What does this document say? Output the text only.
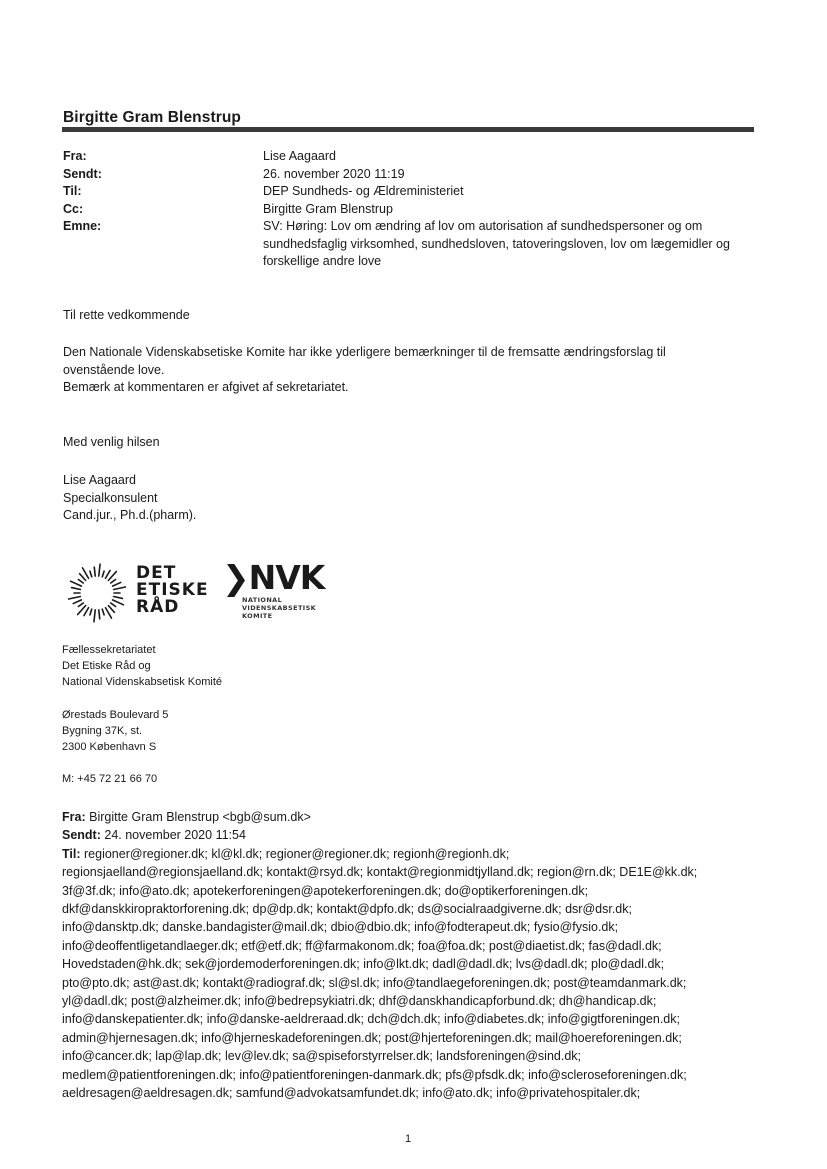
Birgitte Gram Blenstrup
Fra:	Lise Aagaard
Sendt:	26. november 2020 11:19
Til:	DEP Sundheds- og Ældreministeriet
Cc:	Birgitte Gram Blenstrup
Emne:	SV: Høring: Lov om ændring af lov om autorisation af sundhedspersoner og om sundhedsfaglig virksomhed, sundhedsloven, tatoveringsloven, lov om lægemidler og forskellige andre love
Til rette vedkommende
Den Nationale Videnskabsetiske Komite har ikke yderligere bemærkninger til de fremsatte ændringsforslag til ovenstående love.
Bemærk at kommentaren er afgivet af sekretariatet.
Med venlig hilsen
Lise Aagaard
Specialkonsulent
Cand.jur., Ph.d.(pharm).
DET
ETISKE
RÅD
❯NVK
NATIONAL
VIDENSKABSETISK
KOMITE
Fællessekretariatet
Det Etiske Råd og
National Videnskabsetisk Komité
Ørestads Boulevard 5
Bygning 37K, st.
2300 København S
M: +45 72 21 66 70
Fra: Birgitte Gram Blenstrup <bgb@sum.dk>
Sendt: 24. november 2020 11:54
Til: regioner@regioner.dk; kl@kl.dk; regioner@regioner.dk; regionh@regionh.dk;
regionsjaelland@regionsjaelland.dk; kontakt@rsyd.dk; kontakt@regionmidtjylland.dk; region@rn.dk; DE1E@kk.dk;
3f@3f.dk; info@ato.dk; apotekerforeningen@apotekerforeningen.dk; do@optikerforeningen.dk;
dkf@danskkiropraktorforening.dk; dp@dp.dk; kontakt@dpfo.dk; ds@socialraadgiverne.dk; dsr@dsr.dk;
info@dansktp.dk; danske.bandagister@mail.dk; dbio@dbio.dk; info@fodterapeut.dk; fysio@fysio.dk;
info@deoffentligetandlaeger.dk; etf@etf.dk; ff@farmakonom.dk; foa@foa.dk; post@diaetist.dk; fas@dadl.dk;
Hovedstaden@hk.dk; sek@jordemoderforeningen.dk; info@lkt.dk; dadl@dadl.dk; lvs@dadl.dk; plo@dadl.dk;
pto@pto.dk; ast@ast.dk; kontakt@radiograf.dk; sl@sl.dk; info@tandlaegeforeningen.dk; post@teamdanmark.dk;
yl@dadl.dk; post@alzheimer.dk; info@bedrepsykiatri.dk; dhf@danskhandicapforbund.dk; dh@handicap.dk;
info@danskepatienter.dk; info@danske-aeldreraad.dk; dch@dch.dk; info@diabetes.dk; info@gigtforeningen.dk;
admin@hjernesagen.dk; info@hjerneskadeforeningen.dk; post@hjerteforeningen.dk; mail@hoereforeningen.dk;
info@cancer.dk; lap@lap.dk; lev@lev.dk; sa@spiseforstyrrelser.dk; landsforeningen@sind.dk;
medlem@patientforeningen.dk; info@patientforeningen-danmark.dk; pfs@pfsdk.dk; info@scleroseforeningen.dk;
aeldresagen@aeldresagen.dk; samfund@advokatsamfundet.dk; info@ato.dk; info@privatehospitaler.dk;
1
